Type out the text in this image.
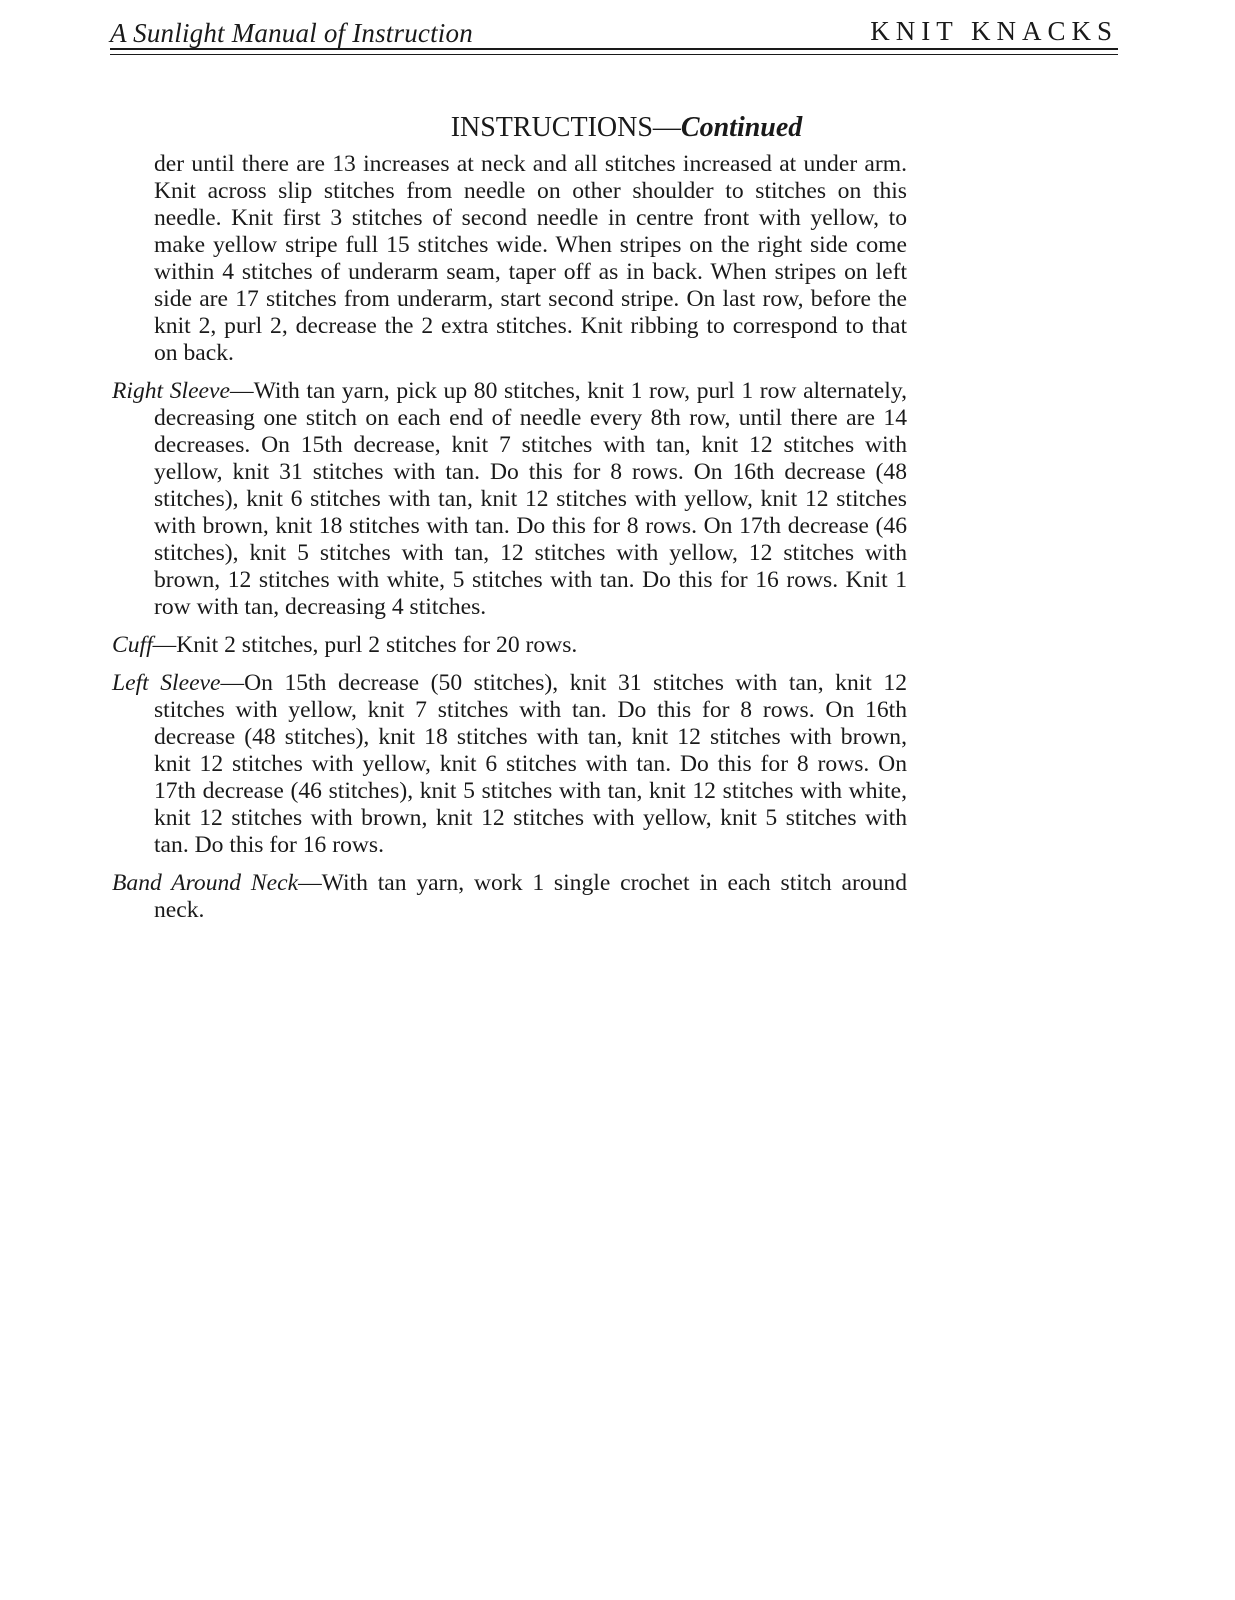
A Sunlight Manual of Instruction	KNIT KNACKS
INSTRUCTIONS—Continued

der until there are 13 increases at neck and all stitches increased at under arm. Knit across slip stitches from needle on other shoulder to stitches on this needle. Knit first 3 stitches of second needle in centre front with yellow, to make yellow stripe full 15 stitches wide. When stripes on the right side come within 4 stitches of underarm seam, taper off as in back. When stripes on left side are 17 stitches from underarm, start second stripe. On last row, before the knit 2, purl 2, decrease the 2 extra stitches. Knit ribbing to correspond to that on back.

Right Sleeve—With tan yarn, pick up 80 stitches, knit 1 row, purl 1 row alternately, decreasing one stitch on each end of needle every 8th row, until there are 14 decreases. On 15th decrease, knit 7 stitches with tan, knit 12 stitches with yellow, knit 31 stitches with tan. Do this for 8 rows. On 16th decrease (48 stitches), knit 6 stitches with tan, knit 12 stitches with yellow, knit 12 stitches with brown, knit 18 stitches with tan. Do this for 8 rows. On 17th decrease (46 stitches), knit 5 stitches with tan, 12 stitches with yellow, 12 stitches with brown, 12 stitches with white, 5 stitches with tan. Do this for 16 rows. Knit 1 row with tan, decreasing 4 stitches.

Cuff—Knit 2 stitches, purl 2 stitches for 20 rows.

Left Sleeve—On 15th decrease (50 stitches), knit 31 stitches with tan, knit 12 stitches with yellow, knit 7 stitches with tan. Do this for 8 rows. On 16th decrease (48 stitches), knit 18 stitches with tan, knit 12 stitches with brown, knit 12 stitches with yellow, knit 6 stitches with tan. Do this for 8 rows. On 17th decrease (46 stitches), knit 5 stitches with tan, knit 12 stitches with white, knit 12 stitches with brown, knit 12 stitches with yellow, knit 5 stitches with tan. Do this for 16 rows.

Band Around Neck—With tan yarn, work 1 single crochet in each stitch around neck.
